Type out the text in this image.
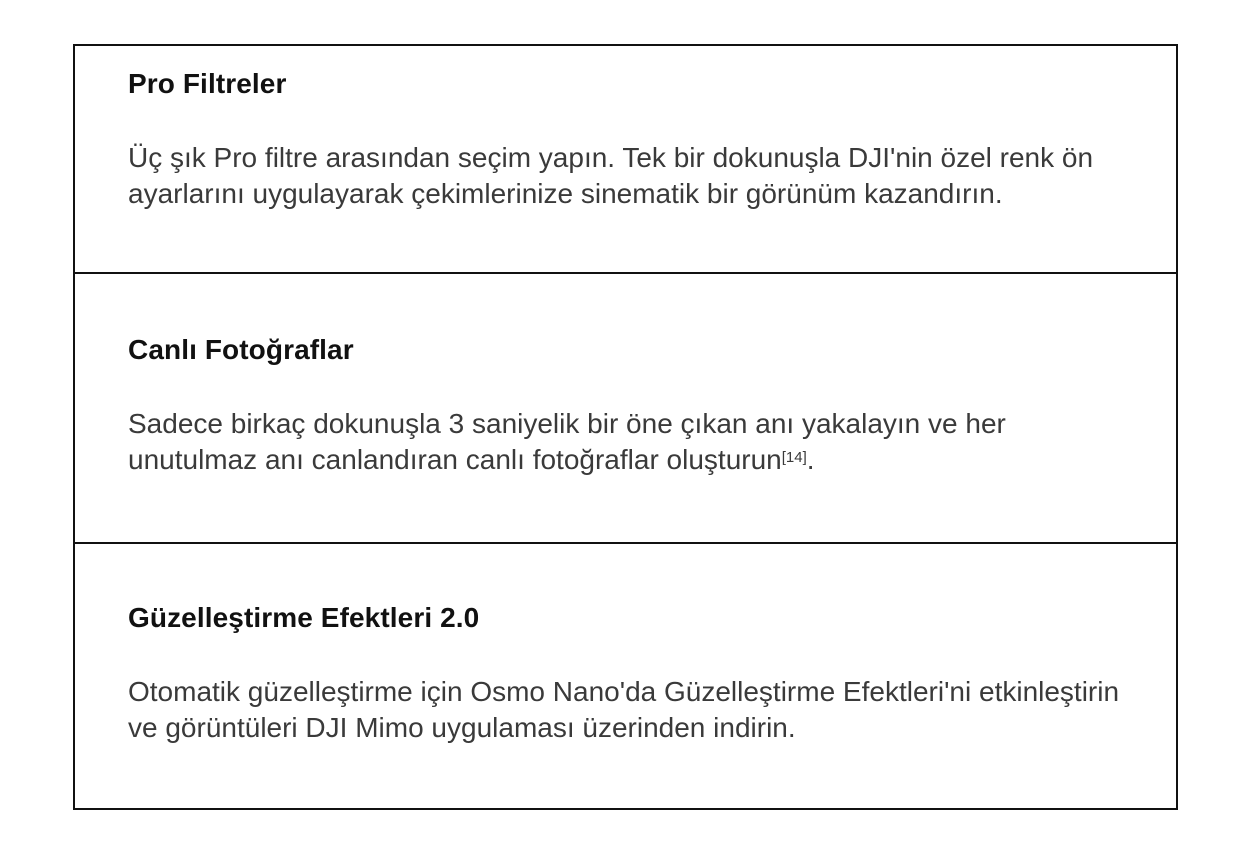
Pro Filtreler

Üç şık Pro filtre arasından seçim yapın. Tek bir dokunuşla DJI'nin özel renk ön ayarlarını uygulayarak çekimlerinize sinematik bir görünüm kazandırın.

Canlı Fotoğraflar

Sadece birkaç dokunuşla 3 saniyelik bir öne çıkan anı yakalayın ve her unutulmaz anı canlandıran canlı fotoğraflar oluşturun[14].

Güzelleştirme Efektleri 2.0

Otomatik güzelleştirme için Osmo Nano'da Güzelleştirme Efektleri'ni etkinleştirin ve görüntüleri DJI Mimo uygulaması üzerinden indirin.
